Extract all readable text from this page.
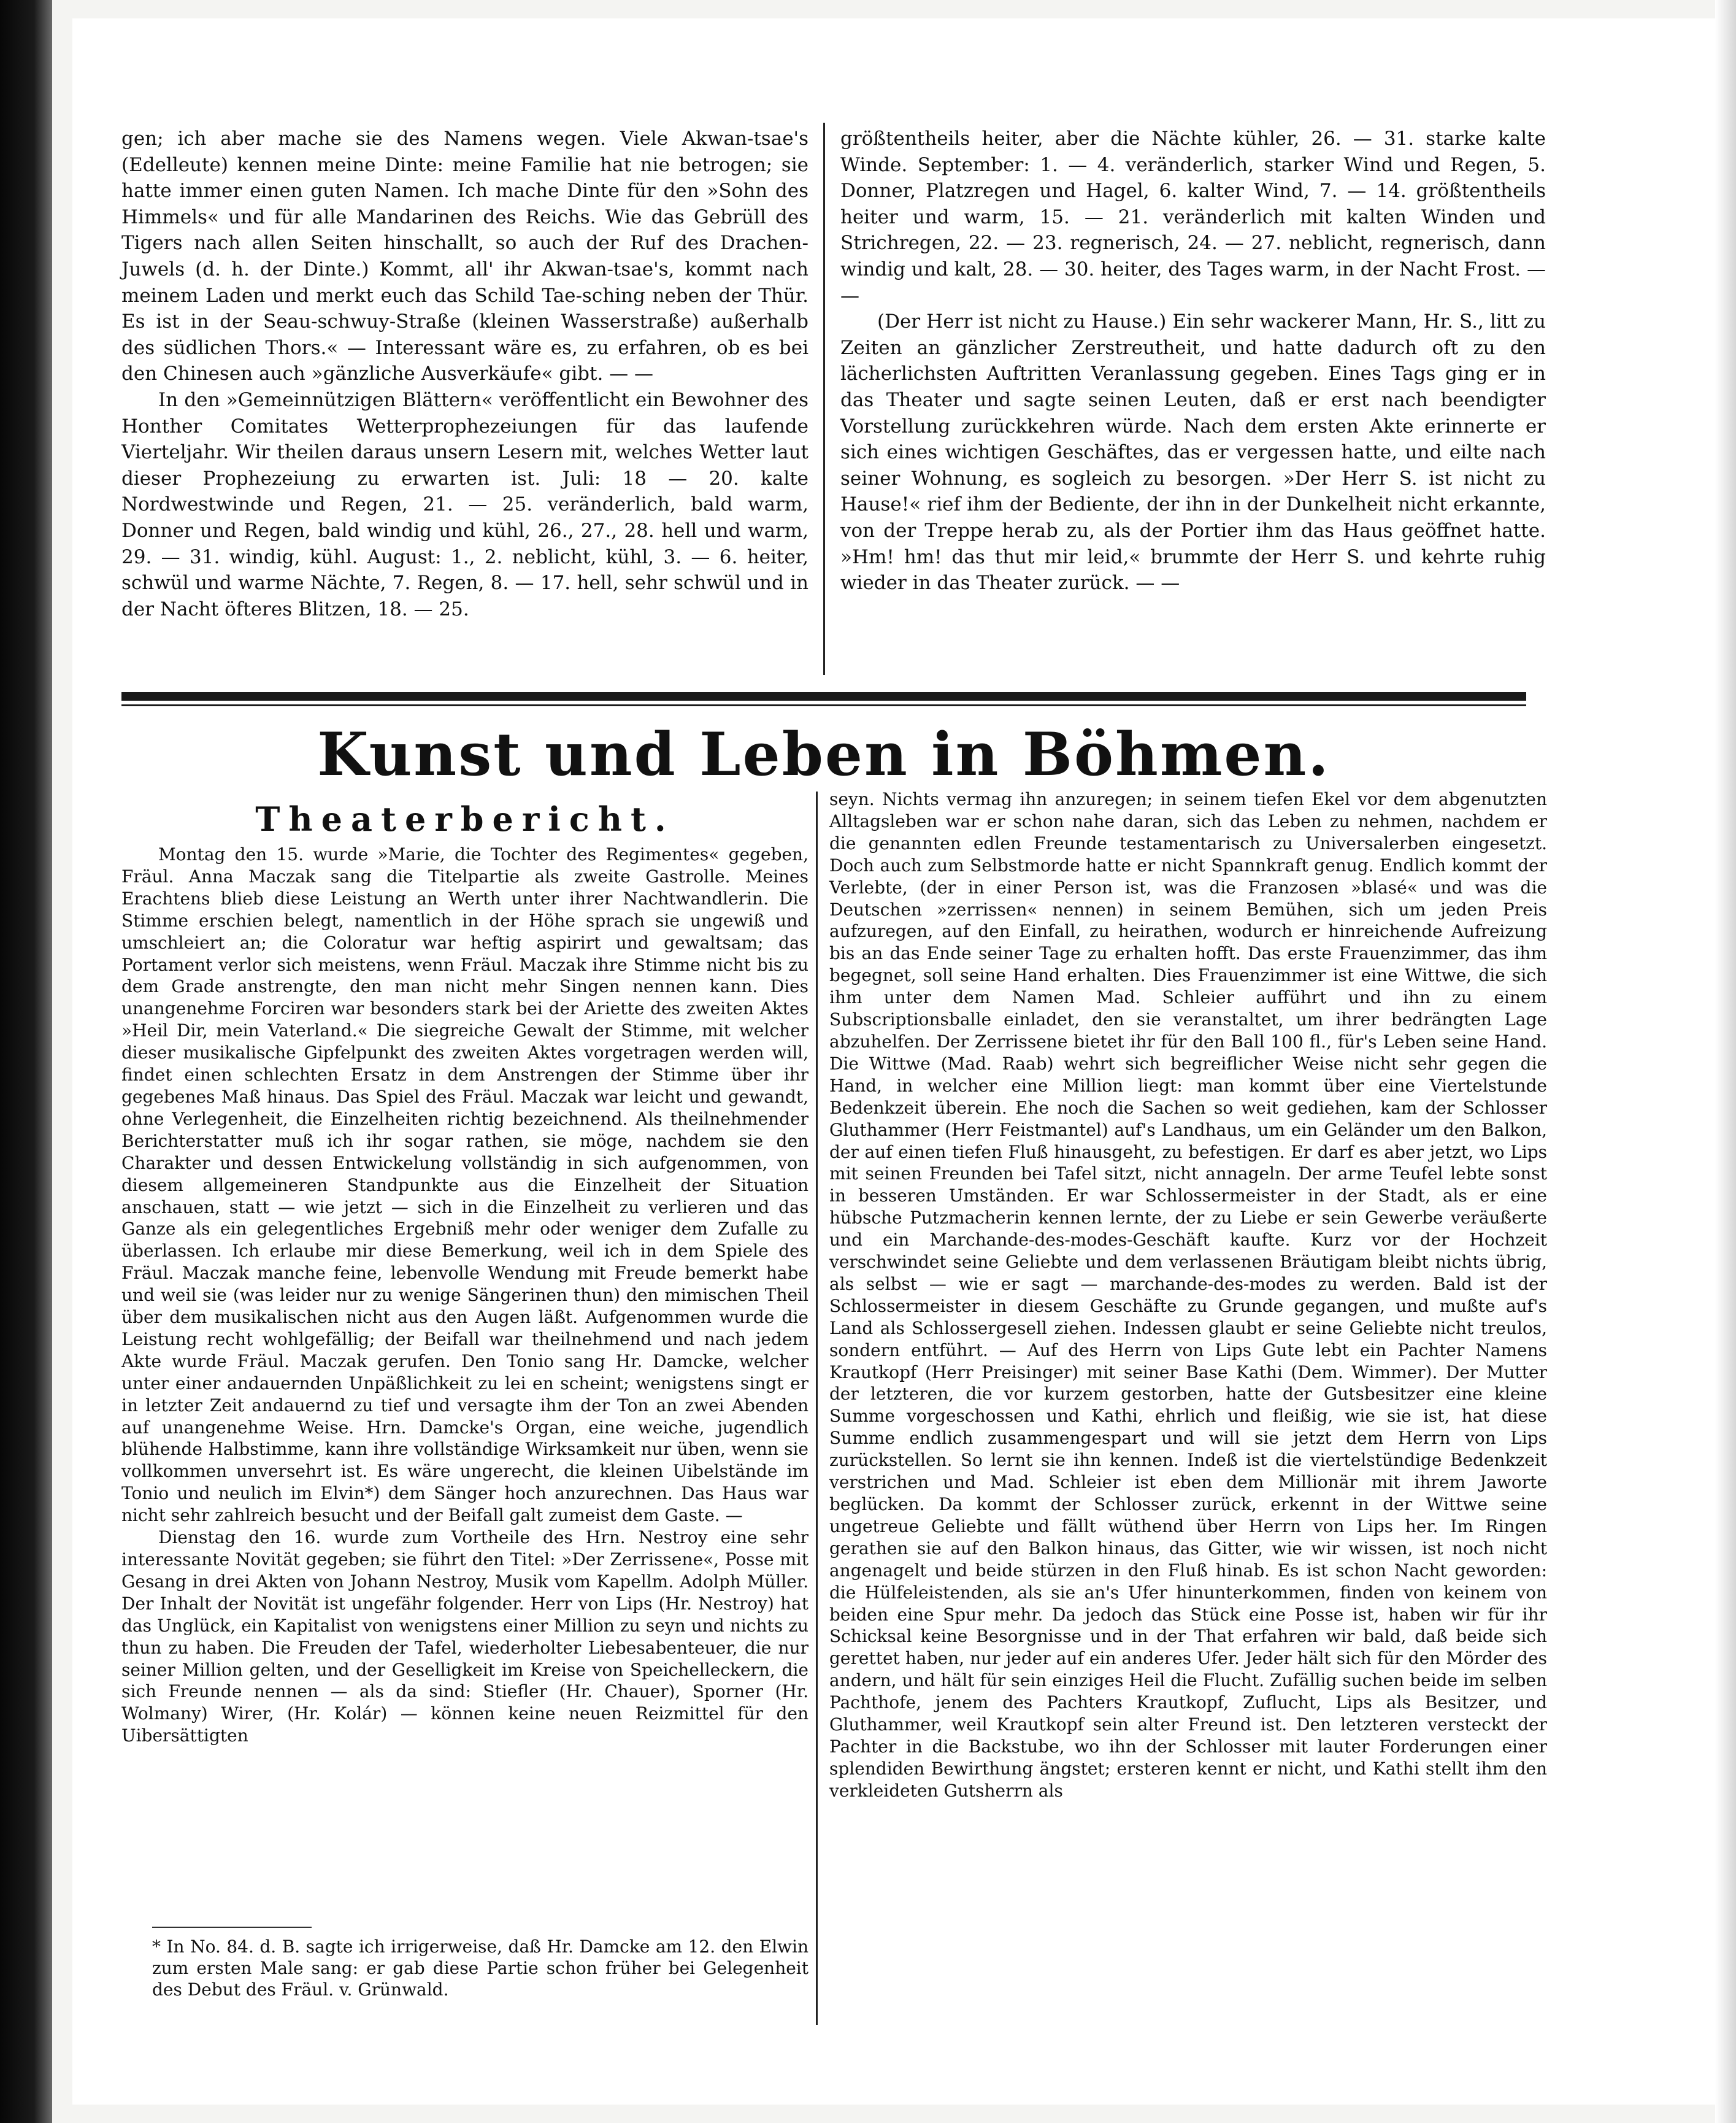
gen; ich aber mache sie des Namens wegen. Viele Akwan-tsae's (Edelleute) kennen meine Dinte: meine Familie hat nie betrogen; sie hatte immer einen guten Namen. Ich mache Dinte für den »Sohn des Himmels« und für alle Mandarinen des Reichs. Wie das Gebrüll des Tigers nach allen Seiten hinschallt, so auch der Ruf des Drachen-Juwels (d. h. der Dinte.) Kommt, all' ihr Akwan-tsae's, kommt nach meinem Laden und merkt euch das Schild Tae-sching neben der Thür. Es ist in der Seau-schwuy-Straße (kleinen Wasserstraße) außerhalb des südlichen Thors.« — Interessant wäre es, zu erfahren, ob es bei den Chinesen auch »gänzliche Ausverkäufe« gibt. — —

In den »Gemeinnützigen Blättern« veröffentlicht ein Bewohner des Honther Comitates Wetterprophezeiungen für das laufende Vierteljahr. Wir theilen daraus unsern Lesern mit, welches Wetter laut dieser Prophezeiung zu erwarten ist. Juli: 18 — 20. kalte Nordwestwinde und Regen, 21. — 25. veränderlich, bald warm, Donner und Regen, bald windig und kühl, 26., 27., 28. hell und warm, 29. — 31. windig, kühl. August: 1., 2. neblicht, kühl, 3. — 6. heiter, schwül und warme Nächte, 7. Regen, 8. — 17. hell, sehr schwül und in der Nacht öfteres Blitzen, 18. — 25.

größtentheils heiter, aber die Nächte kühler, 26. — 31. starke kalte Winde. September: 1. — 4. veränderlich, starker Wind und Regen, 5. Donner, Platzregen und Hagel, 6. kalter Wind, 7. — 14. größtentheils heiter und warm, 15. — 21. veränderlich mit kalten Winden und Strichregen, 22. — 23. regnerisch, 24. — 27. neblicht, regnerisch, dann windig und kalt, 28. — 30. heiter, des Tages warm, in der Nacht Frost. — —

(Der Herr ist nicht zu Hause.) Ein sehr wackerer Mann, Hr. S., litt zu Zeiten an gänzlicher Zerstreutheit, und hatte dadurch oft zu den lächerlichsten Auftritten Veranlassung gegeben. Eines Tags ging er in das Theater und sagte seinen Leuten, daß er erst nach beendigter Vorstellung zurückkehren würde. Nach dem ersten Akte erinnerte er sich eines wichtigen Geschäftes, das er vergessen hatte, und eilte nach seiner Wohnung, es sogleich zu besorgen. »Der Herr S. ist nicht zu Hause!« rief ihm der Bediente, der ihn in der Dunkelheit nicht erkannte, von der Treppe herab zu, als der Portier ihm das Haus geöffnet hatte. »Hm! hm! das thut mir leid,« brummte der Herr S. und kehrte ruhig wieder in das Theater zurück. — —

Kunst und Leben in Böhmen.
Theaterbericht.

Montag den 15. wurde »Marie, die Tochter des Regimentes« gegeben, Fräul. Anna Maczak sang die Titelpartie als zweite Gastrolle. Meines Erachtens blieb diese Leistung an Werth unter ihrer Nachtwandlerin. Die Stimme erschien belegt, namentlich in der Höhe sprach sie ungewiß und umschleiert an; die Coloratur war heftig aspirirt und gewaltsam; das Portament verlor sich meistens, wenn Fräul. Maczak ihre Stimme nicht bis zu dem Grade anstrengte, den man nicht mehr Singen nennen kann. Dies unangenehme Forciren war besonders stark bei der Ariette des zweiten Aktes »Heil Dir, mein Vaterland.« Die siegreiche Gewalt der Stimme, mit welcher dieser musikalische Gipfelpunkt des zweiten Aktes vorgetragen werden will, findet einen schlechten Ersatz in dem Anstrengen der Stimme über ihr gegebenes Maß hinaus. Das Spiel des Fräul. Maczak war leicht und gewandt, ohne Verlegenheit, die Einzelheiten richtig bezeichnend. Als theilnehmender Berichterstatter muß ich ihr sogar rathen, sie möge, nachdem sie den Charakter und dessen Entwickelung vollständig in sich aufgenommen, von diesem allgemeineren Standpunkte aus die Einzelheit der Situation anschauen, statt — wie jetzt — sich in die Einzelheit zu verlieren und das Ganze als ein gelegentliches Ergebniß mehr oder weniger dem Zufalle zu überlassen. Ich erlaube mir diese Bemerkung, weil ich in dem Spiele des Fräul. Maczak manche feine, lebenvolle Wendung mit Freude bemerkt habe und weil sie (was leider nur zu wenige Sängerinen thun) den mimischen Theil über dem musikalischen nicht aus den Augen läßt. Aufgenommen wurde die Leistung recht wohlgefällig; der Beifall war theilnehmend und nach jedem Akte wurde Fräul. Maczak gerufen. Den Tonio sang Hr. Damcke, welcher unter einer andauernden Unpäßlichkeit zu lei en scheint; wenigstens singt er in letzter Zeit andauernd zu tief und versagte ihm der Ton an zwei Abenden auf unangenehme Weise. Hrn. Damcke's Organ, eine weiche, jugendlich blühende Halbstimme, kann ihre vollständige Wirksamkeit nur üben, wenn sie vollkommen unversehrt ist. Es wäre ungerecht, die kleinen Uibelstände im Tonio und neulich im Elvin*) dem Sänger hoch anzurechnen. Das Haus war nicht sehr zahlreich besucht und der Beifall galt zumeist dem Gaste. —

Dienstag den 16. wurde zum Vortheile des Hrn. Nestroy eine sehr interessante Novität gegeben; sie führt den Titel: »Der Zerrissene«, Posse mit Gesang in drei Akten von Johann Nestroy, Musik vom Kapellm. Adolph Müller. Der Inhalt der Novität ist ungefähr folgender. Herr von Lips (Hr. Nestroy) hat das Unglück, ein Kapitalist von wenigstens einer Million zu seyn und nichts zu thun zu haben. Die Freuden der Tafel, wiederholter Liebesabenteuer, die nur seiner Million gelten, und der Geselligkeit im Kreise von Speichelleckern, die sich Freunde nennen — als da sind: Stiefler (Hr. Chauer), Sporner (Hr. Wolmany) Wirer, (Hr. Kolár) — können keine neuen Reizmittel für den Uibersättigten

* In No. 84. d. B. sagte ich irrigerweise, daß Hr. Damcke am 12. den Elwin zum ersten Male sang: er gab diese Partie schon früher bei Gelegenheit des Debut des Fräul. v. Grünwald.

seyn. Nichts vermag ihn anzuregen; in seinem tiefen Ekel vor dem abgenutzten Alltagsleben war er schon nahe daran, sich das Leben zu nehmen, nachdem er die genannten edlen Freunde testamentarisch zu Universalerben eingesetzt. Doch auch zum Selbstmorde hatte er nicht Spannkraft genug. Endlich kommt der Verlebte, (der in einer Person ist, was die Franzosen »blasé« und was die Deutschen »zerrissen« nennen) in seinem Bemühen, sich um jeden Preis aufzuregen, auf den Einfall, zu heirathen, wodurch er hinreichende Aufreizung bis an das Ende seiner Tage zu erhalten hofft. Das erste Frauenzimmer, das ihm begegnet, soll seine Hand erhalten. Dies Frauenzimmer ist eine Wittwe, die sich ihm unter dem Namen Mad. Schleier aufführt und ihn zu einem Subscriptionsballe einladet, den sie veranstaltet, um ihrer bedrängten Lage abzuhelfen. Der Zerrissene bietet ihr für den Ball 100 fl., für's Leben seine Hand. Die Wittwe (Mad. Raab) wehrt sich begreiflicher Weise nicht sehr gegen die Hand, in welcher eine Million liegt: man kommt über eine Viertelstunde Bedenkzeit überein. Ehe noch die Sachen so weit gediehen, kam der Schlosser Gluthammer (Herr Feistmantel) auf's Landhaus, um ein Geländer um den Balkon, der auf einen tiefen Fluß hinausgeht, zu befestigen. Er darf es aber jetzt, wo Lips mit seinen Freunden bei Tafel sitzt, nicht annageln. Der arme Teufel lebte sonst in besseren Umständen. Er war Schlossermeister in der Stadt, als er eine hübsche Putzmacherin kennen lernte, der zu Liebe er sein Gewerbe veräußerte und ein Marchande-des-modes-Geschäft kaufte. Kurz vor der Hochzeit verschwindet seine Geliebte und dem verlassenen Bräutigam bleibt nichts übrig, als selbst — wie er sagt — marchande-des-modes zu werden. Bald ist der Schlossermeister in diesem Geschäfte zu Grunde gegangen, und mußte auf's Land als Schlossergesell ziehen. Indessen glaubt er seine Geliebte nicht treulos, sondern entführt. — Auf des Herrn von Lips Gute lebt ein Pachter Namens Krautkopf (Herr Preisinger) mit seiner Base Kathi (Dem. Wimmer). Der Mutter der letzteren, die vor kurzem gestorben, hatte der Gutsbesitzer eine kleine Summe vorgeschossen und Kathi, ehrlich und fleißig, wie sie ist, hat diese Summe endlich zusammengespart und will sie jetzt dem Herrn von Lips zurückstellen. So lernt sie ihn kennen. Indeß ist die viertelstündige Bedenkzeit verstrichen und Mad. Schleier ist eben dem Millionär mit ihrem Jaworte beglücken. Da kommt der Schlosser zurück, erkennt in der Wittwe seine ungetreue Geliebte und fällt wüthend über Herrn von Lips her. Im Ringen gerathen sie auf den Balkon hinaus, das Gitter, wie wir wissen, ist noch nicht angenagelt und beide stürzen in den Fluß hinab. Es ist schon Nacht geworden: die Hülfeleistenden, als sie an's Ufer hinunterkommen, finden von keinem von beiden eine Spur mehr. Da jedoch das Stück eine Posse ist, haben wir für ihr Schicksal keine Besorgnisse und in der That erfahren wir bald, daß beide sich gerettet haben, nur jeder auf ein anderes Ufer. Jeder hält sich für den Mörder des andern, und hält für sein einziges Heil die Flucht. Zufällig suchen beide im selben Pachthofe, jenem des Pachters Krautkopf, Zuflucht, Lips als Besitzer, und Gluthammer, weil Krautkopf sein alter Freund ist. Den letzteren versteckt der Pachter in die Backstube, wo ihn der Schlosser mit lauter Forderungen einer splendiden Bewirthung ängstet; ersteren kennt er nicht, und Kathi stellt ihm den verkleideten Gutsherrn als
